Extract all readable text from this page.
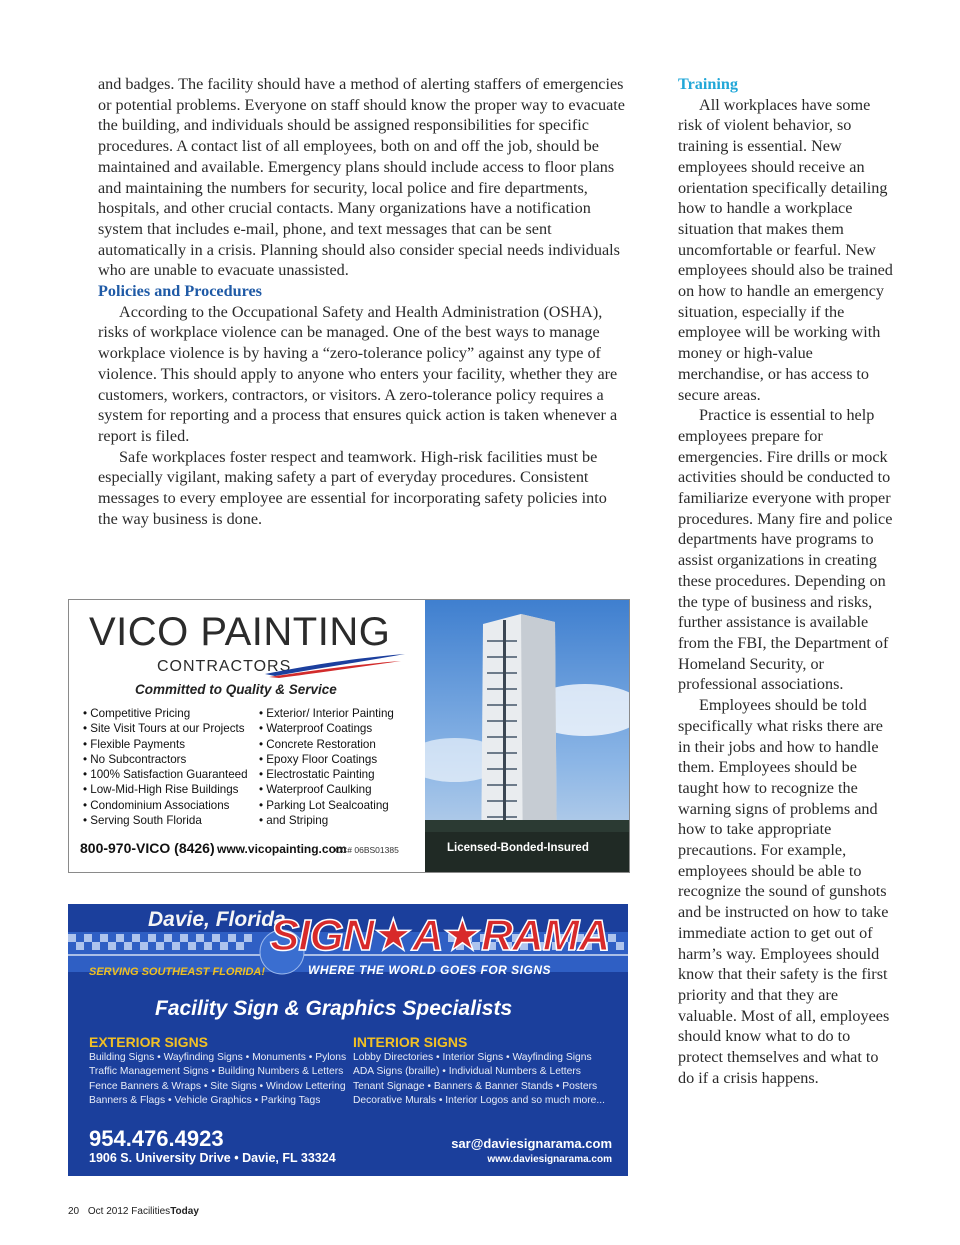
and badges. The facility should have a method of alerting staffers of emergencies or potential problems. Everyone on staff should know the proper way to evacuate the building, and individuals should be assigned responsibilities for specific procedures. A contact list of all employees, both on and off the job, should be maintained and available. Emergency plans should include access to floor plans and maintaining the numbers for security, local police and fire departments, hospitals, and other crucial contacts. Many organizations have a notification system that includes e-mail, phone, and text messages that can be sent automatically in a crisis. Planning should also consider special needs individuals who are unable to evacuate unassisted.

Policies and Procedures

According to the Occupational Safety and Health Administration (OSHA), risks of workplace violence can be managed. One of the best ways to manage workplace violence is by having a “zero-tolerance policy” against any type of violence. This should apply to anyone who enters your facility, whether they are customers, workers, contractors, or visitors. A zero-tolerance policy requires a system for reporting and a process that ensures quick action is taken whenever a report is filed.

Safe workplaces foster respect and teamwork. High-risk facilities must be especially vigilant, making safety a part of everyday procedures. Consistent messages to every employee are essential for incorporating safety policies into the way business is done.

Training

All workplaces have some risk of violent behavior, so training is essential. New employees should receive an orientation specifically detailing how to handle a workplace situation that makes them uncomfortable or fearful. New employees should also be trained on how to handle an emergency situation, especially if the employee will be working with money or high-value merchandise, or has access to secure areas.

Practice is essential to help employees prepare for emergencies. Fire drills or mock activities should be conducted to familiarize everyone with proper procedures. Many fire and police departments have programs to assist organizations in creating these procedures. Depending on the type of business and risks, further assistance is available from the FBI, the Department of Homeland Security, or professional associations.

Employees should be told specifically what risks there are in their jobs and how to handle them. Employees should be taught how to recognize the warning signs of problems and how to take appropriate precautions. For example, employees should be able to recognize the sound of gunshots and be instructed on how to take immediate action to get out of harm’s way. Employees should know that their safety is the first priority and that they are valuable. Most of all, employees should know what to do to protect themselves and what to do if a crisis happens.

VICO PAINTING
CONTRACTORS
Committed to Quality & Service
• Competitive Pricing
• Site Visit Tours at our Projects
• Flexible Payments
• No Subcontractors
• 100% Satisfaction Guaranteed
• Low-Mid-High Rise Buildings
• Condominium Associations
• Serving South Florida
• Exterior/ Interior Painting
• Waterproof Coatings
• Concrete Restoration
• Epoxy Floor Coatings
• Electrostatic Painting
• Waterproof Caulking
• Parking Lot Sealcoating
• and Striping
800-970-VICO (8426) www.vicopainting.com
CC# 06BS01385	Licensed-Bonded-Insured
Davie, Florida
SIGN★A★RAMA
SERVING SOUTHEAST FLORIDA!	WHERE THE WORLD GOES FOR SIGNS
Facility Sign & Graphics Specialists
EXTERIOR SIGNS
Building Signs • Wayfinding Signs • Monuments • Pylons
Traffic Management Signs • Building Numbers & Letters
Fence Banners & Wraps • Site Signs • Window Lettering
Banners & Flags • Vehicle Graphics • Parking Tags
INTERIOR SIGNS
Lobby Directories • Interior Signs • Wayfinding Signs
ADA Signs (braille) • Individual Numbers & Letters
Tenant Signage • Banners & Banner Stands • Posters
Decorative Murals • Interior Logos and so much more...
954.476.4923
1906 S. University Drive • Davie, FL 33324
sar@daviesignarama.com
www.daviesignarama.com
20 Oct 2012 FacilitiesToday
